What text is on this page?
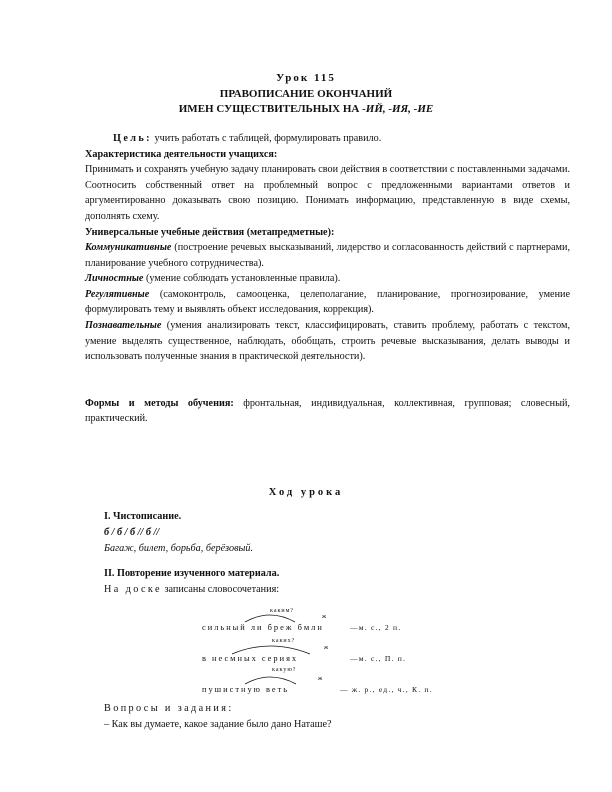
Урок 115
ПРАВОПИСАНИЕ ОКОНЧАНИЙ
ИМЕН СУЩЕСТВИТЕЛЬНЫХ НА -ИЙ, -ИЯ, -ИЕ
Цель: учить работать с таблицей, формулировать правило.
Характеристика деятельности учащихся:
Принимать и сохранять учебную задачу планировать свои действия в соответствии с поставленными задачами. Соотносить собственный ответ на проблемный вопрос с предложенными вариантами ответов и аргументированно доказывать свою позицию. Понимать информацию, представленную в виде схемы, дополнять схему.
Универсальные учебные действия (метапредметные):
Коммуникативные (построение речевых высказываний, лидерство и согласованность действий с партнерами, планирование учебного сотрудничества).
Личностные (умение соблюдать установленные правила).
Регулятивные (самоконтроль, самооценка, целеполагание, планирование, прогнозирование, умение формулировать тему и выявлять объект исследования, коррекция).
Познавательные (умения анализировать текст, классифицировать, ставить проблему, работать с текстом, умение выделять существенное, наблюдать, обобщать, строить речевые высказывания, делать выводы и использовать полученные знания в практической деятельности).
Формы и методы обучения: фронтальная, индивидуальная, коллективная, групповая; словесный, практический.
Ход урока
I. Чистописание.
б / б / б // б //
Багаж, билет, борьба, берёзовый.
II. Повторение изученного материала.
На доске записаны словосочетания:
каким?
ж
сильный ли бреж бмлн	—м. с., 2 п.
каких?
ж
в несмных сериях	—м. с., П. п.
какую?
ж
пушистную веть	— ж. р., ед., ч., К. п.
Вопросы и задания:
– Как вы думаете, какое задание было дано Наташе?
